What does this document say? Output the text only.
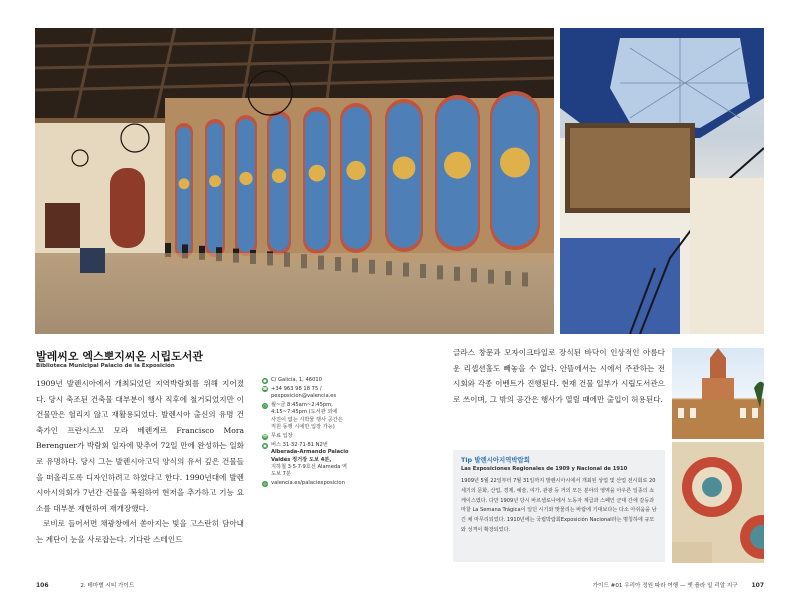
발레씨오 엑스뽀지씨온 시립도서관
Biblioteca Municipal Palacio de la Exposición

1909년 발렌시아에서 개최되었던 지역박람회를 위해 지어졌다. 당시 축조된 건축물 대부분이 행사 직후에 철거되었지만 이 건물만은 헐리지 않고 재활용되었다. 발렌시아 출신의 유명 건축가인 프란시스꼬 모라 베렌게르 Francisco Mora Berenguer가 박람회 일자에 맞추어 72일 만에 완성하는 일화로 유명하다. 당시 그는 발렌시아고딕 양식의 유서 깊은 건물들을 떠올리도록 디자인하려고 하였다고 한다. 1990년대에 발렌시아시의회가 7년간 건물을 복원하여 현저을 추가하고 기능 요소를 대부분 재현하여 재개장했다.

로비로 들어서면 채광창에서 쏟아지는 빛을 고스란히 담아내는 계단이 눈을 사로잡는다. 기다란 스테인드

● C/ Galicia, 1, 46010
☎ +34 963 98 18 75 /
pexposicion@valencia.es
◷ 월~금 8:45am~2:45pm,
4:15~7:45pm (도서관 외에
사진이 없는 시박물 행사 공간은
직원 동행 시에만 입장 가능)
₩ 무료 입장
▣ 버스 31·32·71·81 N2번
Alberada-Armando Palacio
Valdés 정거장 도보 4분,
지하철 3·5·7·9호선 Alameda 역
도보 7분
◎ valencia.es/palaciexposicion
글라스 창문과 모자이크타일로 장식된 바닥이 인상적인 아름다운 리셉션홀도 빼놓을 수 없다. 안뜰에서는 시에서 주관하는 전시회와 각종 이벤트가 진행된다. 현재 건물 일부가 시립도서관으로 쓰이며, 그 밖의 공간은 행사가 열릴 때에만 출입이 허용된다.
Tip 발렌시아지역박람회
Las Exposiciones Regionales de 1909 y Nacional de 1910
1909년 5월 22일부터 7월 31일까지 발렌시아시에서 개최된 상업 및 산업 전시회로 20세기의 문화, 산업, 경제, 예술, 여가, 관광 등 거의 모든 분야의 영역을 아우른 일종의 쇼케이스였다. 다만 1909년 당시 바르셀로나에서 노동자 계급과 스페인 군대 간에 갈등과 마찰 La Semana Trágica이 일던 시기와 맞물리는 바람에 기대보다는 다소 아쉬움을 남긴 채 마무리되었다. 1910년에는 국립박람회Exposición Nacional라는 명칭하에 규모와 성격이 확장되었다.
106	2. 테마별 시티 가이드	가이드 #01 우리아 정원 따라 여행 — 옛 플라 일 리알 지구 107
